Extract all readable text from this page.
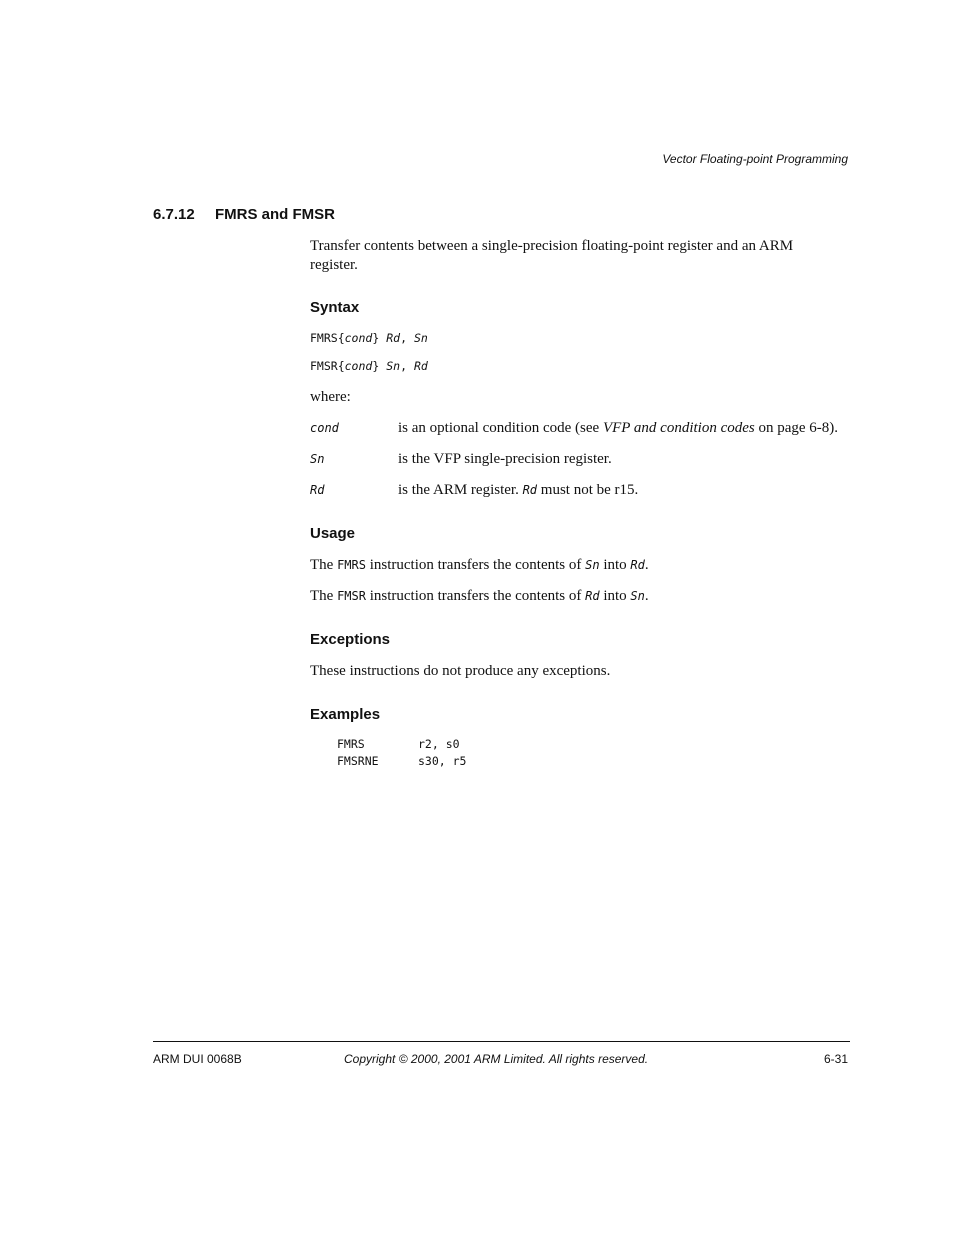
Vector Floating-point Programming
6.7.12 FMRS and FMSR
Transfer contents between a single-precision floating-point register and an ARM register.
Syntax
FMRS{cond} Rd, Sn
FMSR{cond} Sn, Rd
where:
cond	is an optional condition code (see VFP and condition codes on page 6-8).
Sn	is the VFP single-precision register.
Rd	is the ARM register. Rd must not be r15.
Usage
The FMRS instruction transfers the contents of Sn into Rd.
The FMSR instruction transfers the contents of Rd into Sn.
Exceptions
These instructions do not produce any exceptions.
Examples
FMRS	r2, s0
FMSRNE	s30, r5
ARM DUI 0068B	Copyright © 2000, 2001 ARM Limited. All rights reserved.	6-31
